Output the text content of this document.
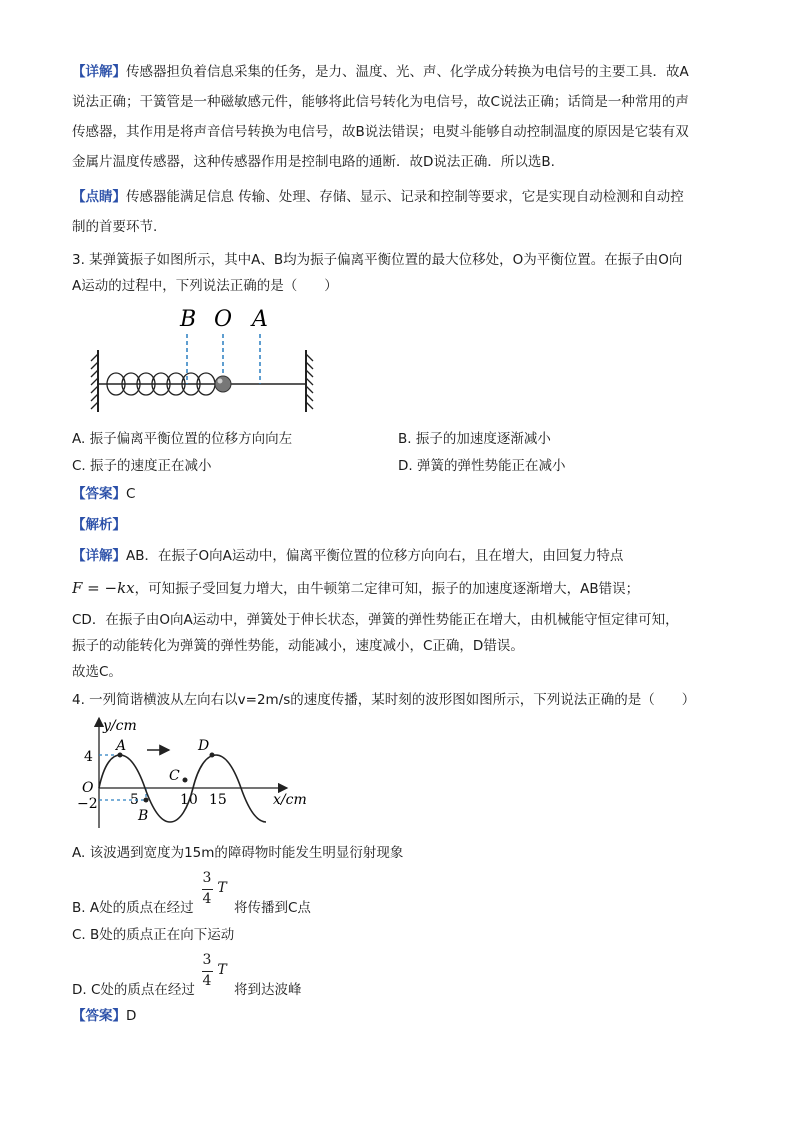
【详解】传感器担负着信息采集的任务，是力、温度、光、声、化学成分转换为电信号的主要工具．故A
说法正确；干簧管是一种磁敏感元件，能够将此信号转化为电信号，故C说法正确；话筒是一种常用的声
传感器，其作用是将声音信号转换为电信号，故B说法错误；电熨斗能够自动控制温度的原因是它装有双
金属片温度传感器，这种传感器作用是控制电路的通断．故D说法正确．所以选B.
【点睛】传感器能满足信息 传输、处理、存储、显示、记录和控制等要求，它是实现自动检测和自动控
制的首要环节.
3. 某弹簧振子如图所示，其中A、B均为振子偏离平衡位置的最大位移处，O为平衡位置。在振子由O向
A运动的过程中，下列说法正确的是（　　）
B O A
A. 振子偏离平衡位置的位移方向向左	B. 振子的加速度逐渐减小
C. 振子的速度正在减小	D. 弹簧的弹性势能正在减小
【答案】C
【解析】
【详解】AB．在振子O向A运动中，偏离平衡位置的位移方向向右，且在增大，由回复力特点
F = −kx，可知振子受回复力增大，由牛顿第二定律可知，振子的加速度逐渐增大，AB错误；
CD．在振子由O向A运动中，弹簧处于伸长状态，弹簧的弹性势能正在增大，由机械能守恒定律可知，
振子的动能转化为弹簧的弹性势能，动能减小，速度减小，C正确，D错误。
故选C。
4. 一列简谐横波从左向右以v=2m/s的速度传播，某时刻的波形图如图所示，下列说法正确的是（　　）
y/cm
x/cm
O
4
−2 5	10 15
A
B
C
D
A. 该波遇到宽度为15m的障碍物时能发生明显衍射现象
3
4
T
B. A处的质点在经过	将传播到C点
C. B处的质点正在向下运动
3
4
T
D. C处的质点在经过	将到达波峰
【答案】D
